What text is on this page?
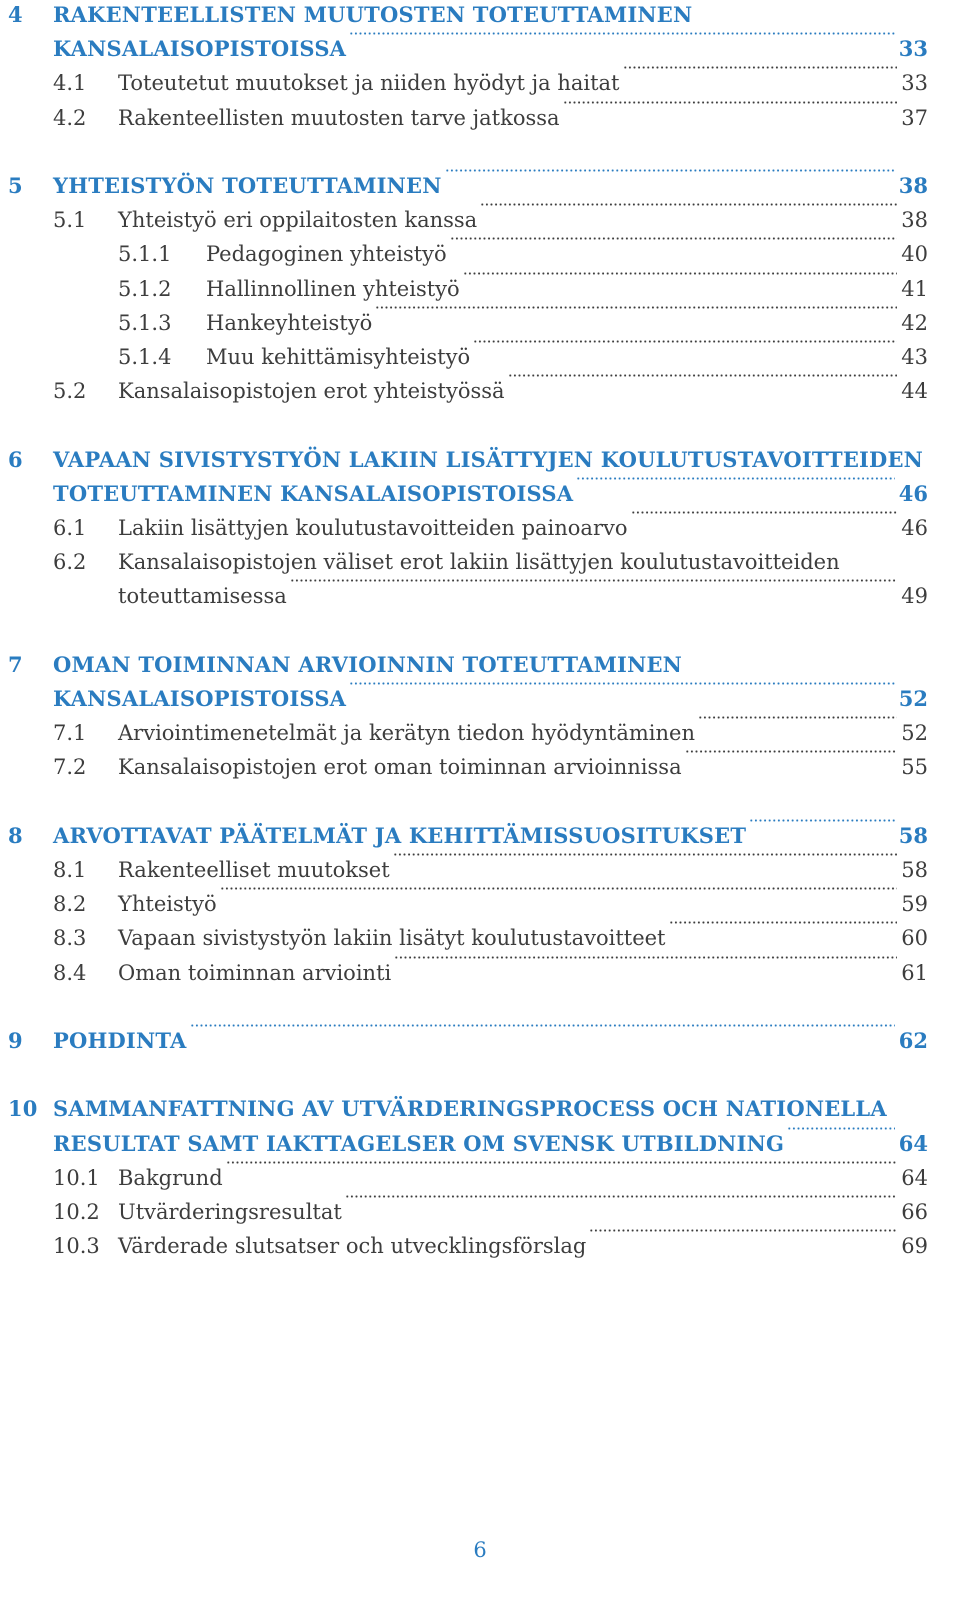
4 RAKENTEELLISTEN MUUTOSTEN TOTEUTTAMINEN
KANSALAISOPISTOISSA	33
4.1 Toteutetut muutokset ja niiden hyödyt ja haitat	33
4.2 Rakenteellisten muutosten tarve jatkossa	37
5 YHTEISTYÖN TOTEUTTAMINEN	38
5.1 Yhteistyö eri oppilaitosten kanssa	38
5.1.1 Pedagoginen yhteistyö	40
5.1.2 Hallinnollinen yhteistyö	41
5.1.3 Hankeyhteistyö	42
5.1.4 Muu kehittämisyhteistyö	43
5.2 Kansalaisopistojen erot yhteistyössä	44
6 VAPAAN SIVISTYSTYÖN LAKIIN LISÄTTYJEN KOULUTUSTAVOITTEIDEN
TOTEUTTAMINEN KANSALAISOPISTOISSA	46
6.1 Lakiin lisättyjen koulutustavoitteiden painoarvo	46
6.2 Kansalaisopistojen väliset erot lakiin lisättyjen koulutustavoitteiden
toteuttamisessa	49
7 OMAN TOIMINNAN ARVIOINNIN TOTEUTTAMINEN
KANSALAISOPISTOISSA	52
7.1 Arviointimenetelmät ja kerätyn tiedon hyödyntäminen	52
7.2 Kansalaisopistojen erot oman toiminnan arvioinnissa	55
8 ARVOTTAVAT PÄÄTELMÄT JA KEHITTÄMISSUOSITUKSET	58
8.1 Rakenteelliset muutokset	58
8.2 Yhteistyö	59
8.3 Vapaan sivistystyön lakiin lisätyt koulutustavoitteet	60
8.4 Oman toiminnan arviointi	61
9 POHDINTA	62
10 SAMMANFATTNING AV UTVÄRDERINGSPROCESS OCH NATIONELLA
RESULTAT SAMT IAKTTAGELSER OM SVENSK UTBILDNING	64
10.1 Bakgrund	64
10.2 Utvärderingsresultat	66
10.3 Värderade slutsatser och utvecklingsförslag	69
6
